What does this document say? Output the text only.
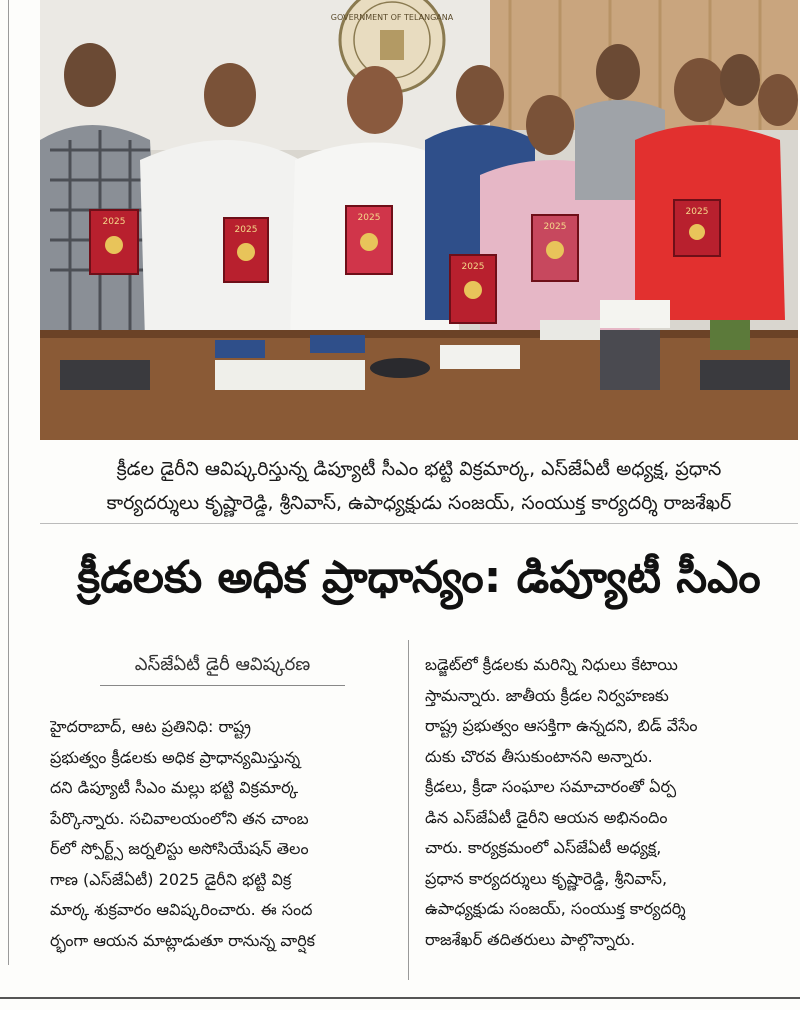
GOVERNMENT OF TELANGANA
2025
2025
2025
2025
2025
2025
క్రీడల డైరీని ఆవిష్కరిస్తున్న డిప్యూటీ సీఎం భట్టి విక్రమార్క, ఎస్‌జేఏటీ అధ్యక్ష, ప్రధాన
కార్యదర్శులు కృష్ణారెడ్డి, శ్రీనివాస్, ఉపాధ్యక్షుడు సంజయ్, సంయుక్త కార్యదర్శి రాజశేఖర్
క్రీడలకు అధిక ప్రాధాన్యం: డిప్యూటీ సీఎం
ఎస్‌జేఏటీ డైరీ ఆవిష్కరణ
హైదరాబాద్, ఆట ప్రతినిధి: రాష్ట్ర
ప్రభుత్వం క్రీడలకు అధిక ప్రాధాన్యమిస్తున్న
దని డిప్యూటీ సీఎం మల్లు భట్టి విక్రమార్క
పేర్కొన్నారు. సచివాలయంలోని తన చాంబ
ర్‌లో స్పోర్ట్స్ జర్నలిస్టు అసోసియేషన్ తెలం
గాణ (ఎస్‌జేఏటీ) 2025 డైరీని భట్టి విక్ర
మార్క శుక్రవారం ఆవిష్కరించారు. ఈ సంద
ర్భంగా ఆయన మాట్లాడుతూ రానున్న వార్షిక
బడ్జెట్‌లో క్రీడలకు మరిన్ని నిధులు కేటాయి
స్తామన్నారు. జాతీయ క్రీడల నిర్వహణకు
రాష్ట్ర ప్రభుత్వం ఆసక్తిగా ఉన్నదని, బిడ్ వేసేం
దుకు చొరవ తీసుకుంటానని అన్నారు.
క్రీడలు, క్రీడా సంఘాల సమాచారంతో ఏర్ప
డిన ఎస్‌జేఏటీ డైరీని ఆయన అభినందిం
చారు. కార్యక్రమంలో ఎస్‌జేఏటీ అధ్యక్ష,
ప్రధాన కార్యదర్శులు కృష్ణారెడ్డి, శ్రీనివాస్,
ఉపాధ్యక్షుడు సంజయ్, సంయుక్త కార్యదర్శి
రాజశేఖర్ తదితరులు పాల్గొన్నారు.
